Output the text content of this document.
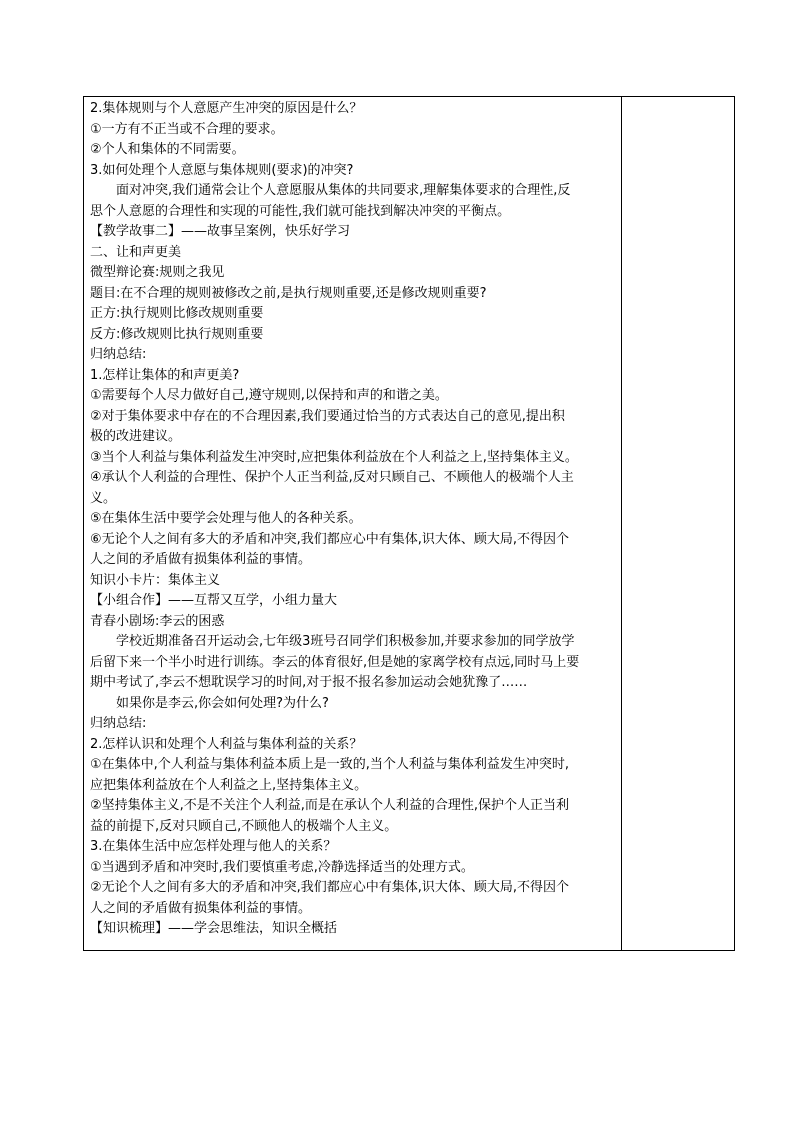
2.集体规则与个人意愿产生冲突的原因是什么？
①一方有不正当或不合理的要求。
②个人和集体的不同需要。
3.如何处理个人意愿与集体规则(要求)的冲突?
面对冲突,我们通常会让个人意愿服从集体的共同要求,理解集体要求的合理性,反
思个人意愿的合理性和实现的可能性,我们就可能找到解决冲突的平衡点。
【教学故事二】——故事呈案例，快乐好学习
二、让和声更美
微型辩论赛:规则之我见
题目:在不合理的规则被修改之前,是执行规则重要,还是修改规则重要?
正方:执行规则比修改规则重要
反方:修改规则比执行规则重要
归纳总结:
1.怎样让集体的和声更美?
①需要每个人尽力做好自己,遵守规则,以保持和声的和谐之美。
②对于集体要求中存在的不合理因素,我们要通过恰当的方式表达自己的意见,提出积
极的改进建议。
③当个人利益与集体利益发生冲突时,应把集体利益放在个人利益之上,坚持集体主义。
④承认个人利益的合理性、保护个人正当利益,反对只顾自己、不顾他人的极端个人主
义。
⑤在集体生活中要学会处理与他人的各种关系。
⑥无论个人之间有多大的矛盾和冲突,我们都应心中有集体,识大体、顾大局,不得因个
人之间的矛盾做有损集体利益的事情。
知识小卡片：集体主义
【小组合作】——互帮又互学，小组力量大
青春小剧场:李云的困惑
学校近期准备召开运动会,七年级3班号召同学们积极参加,并要求参加的同学放学
后留下来一个半小时进行训练。李云的体育很好,但是她的家离学校有点远,同时马上要
期中考试了,李云不想耽误学习的时间,对于报不报名参加运动会她犹豫了……
如果你是李云,你会如何处理?为什么?
归纳总结:
2.怎样认识和处理个人利益与集体利益的关系？
①在集体中,个人利益与集体利益本质上是一致的,当个人利益与集体利益发生冲突时,
应把集体利益放在个人利益之上,坚持集体主义。
②坚持集体主义,不是不关注个人利益,而是在承认个人利益的合理性,保护个人正当利
益的前提下,反对只顾自己,不顾他人的极端个人主义。
3.在集体生活中应怎样处理与他人的关系？
①当遇到矛盾和冲突时,我们要慎重考虑,冷静选择适当的处理方式。
②无论个人之间有多大的矛盾和冲突,我们都应心中有集体,识大体、顾大局,不得因个
人之间的矛盾做有损集体利益的事情。
【知识梳理】——学会思维法，知识全概括
